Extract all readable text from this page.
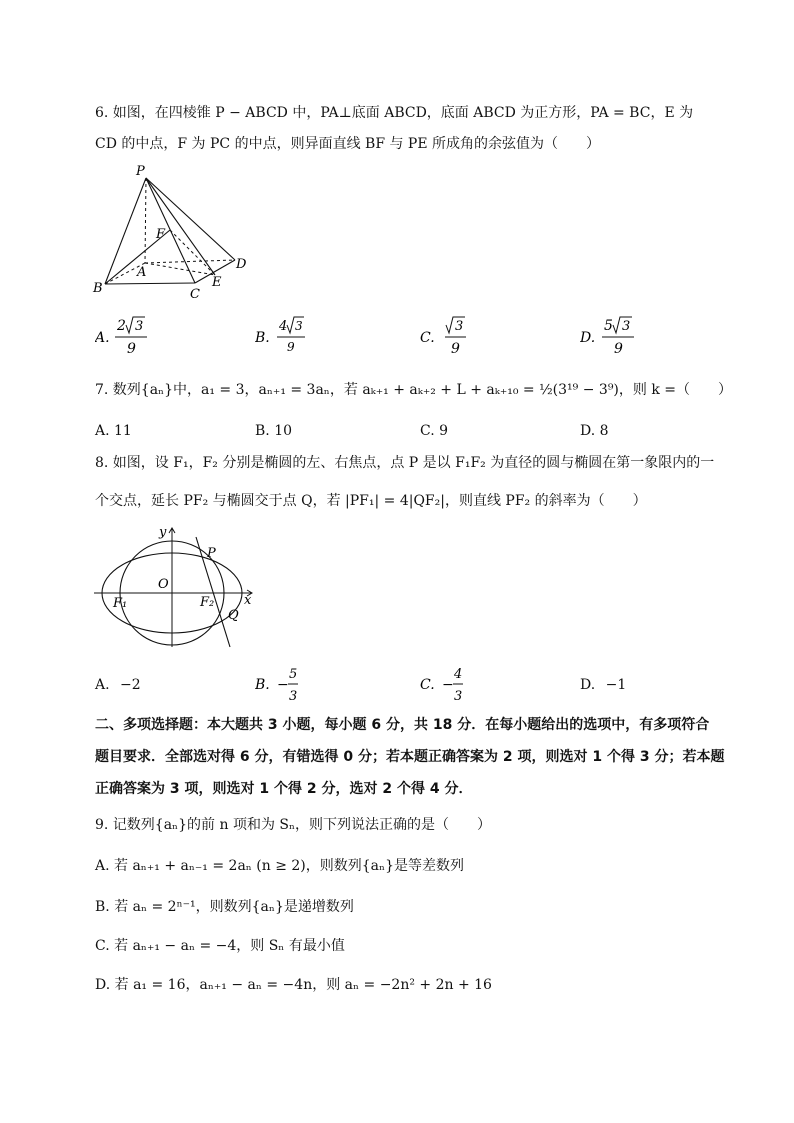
6. 如图，在四棱锥 P − ABCD 中，PA⊥底面 ABCD，底面 ABCD 为正方形，PA = BC，E 为
CD 的中点，F 为 PC 的中点，则异面直线 BF 与 PE 所成角的余弦值为（　　）
P
F
A
B	C
E
D
A.
2 3
9
B.
4 3
9
C.
3
9
D.
5 3
9
7. 数列{aₙ}中，a₁ = 3，aₙ₊₁ = 3aₙ，若 aₖ₊₁ + aₖ₊₂ + L + aₖ₊₁₀ = ½(3¹⁹ − 3⁹)，则 k =（　　）
A. 11	B. 10	C. 9	D. 8
8. 如图，设 F₁，F₂ 分别是椭圆的左、右焦点，点 P 是以 F₁F₂ 为直径的圆与椭圆在第一象限内的一
个交点，延长 PF₂ 与椭圆交于点 Q，若 |PF₁| = 4|QF₂|，则直线 PF₂ 的斜率为（　　）
y
x
O
P
F₁	F₂
Q
A. −2	B. −
5
3
C. −
4
3
D. −1
二、多项选择题：本大题共 3 小题，每小题 6 分，共 18 分．在每小题给出的选项中，有多项符合
题目要求．全部选对得 6 分，有错选得 0 分；若本题正确答案为 2 项，则选对 1 个得 3 分；若本题
正确答案为 3 项，则选对 1 个得 2 分，选对 2 个得 4 分．
9. 记数列{aₙ}的前 n 项和为 Sₙ，则下列说法正确的是（　　）
A. 若 aₙ₊₁ + aₙ₋₁ = 2aₙ (n ≥ 2)，则数列{aₙ}是等差数列
B. 若 aₙ = 2ⁿ⁻¹，则数列{aₙ}是递增数列
C. 若 aₙ₊₁ − aₙ = −4，则 Sₙ 有最小值
D. 若 a₁ = 16，aₙ₊₁ − aₙ = −4n，则 aₙ = −2n² + 2n + 16
